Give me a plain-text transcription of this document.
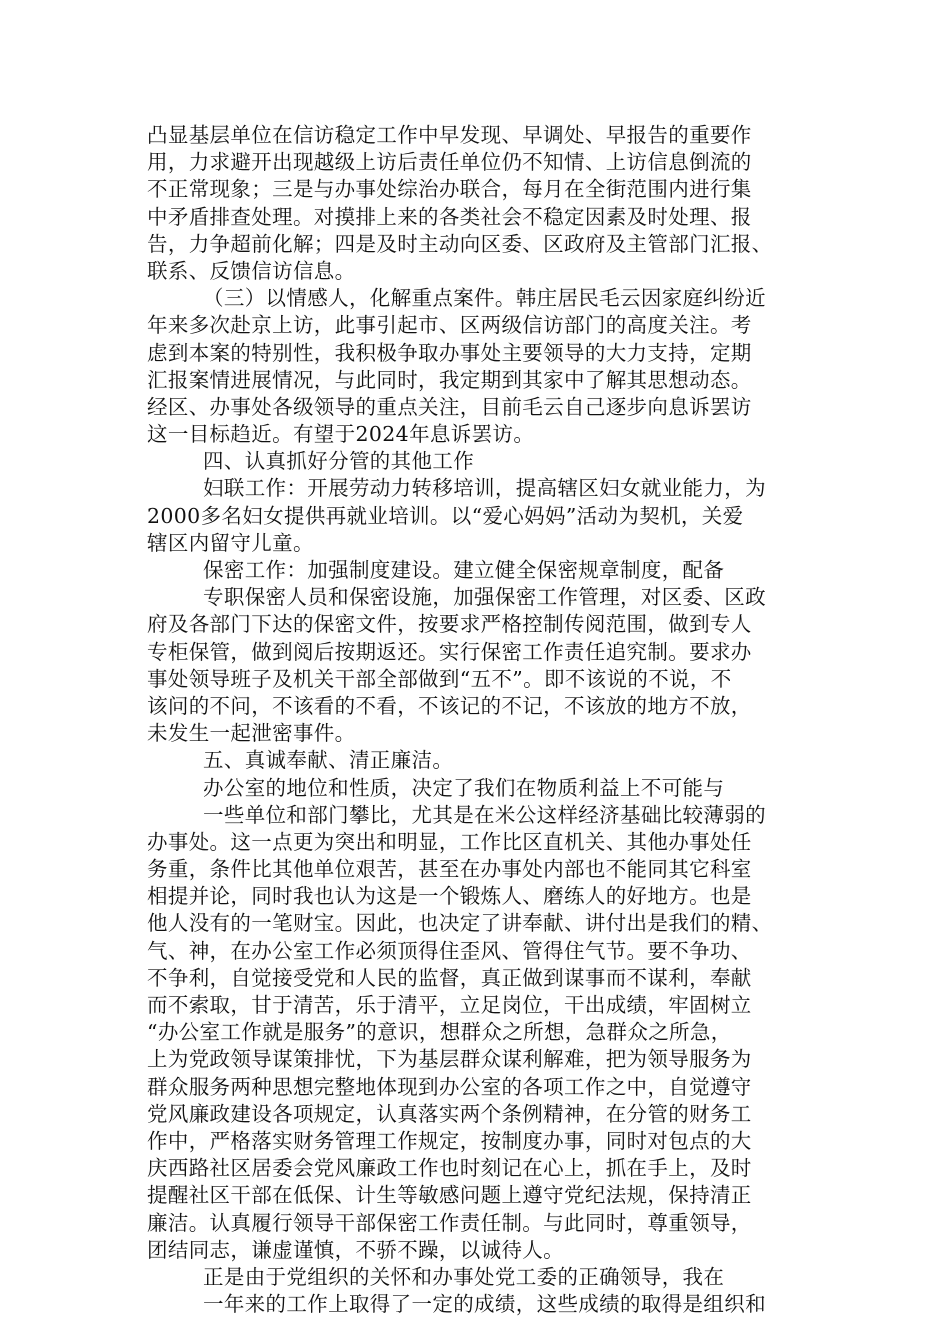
凸显基层单位在信访稳定工作中早发现、早调处、早报告的重要作
用，力求避开出现越级上访后责任单位仍不知情、上访信息倒流的
不正常现象；三是与办事处综治办联合，每月在全街范围内进行集
中矛盾排查处理。对摸排上来的各类社会不稳定因素及时处理、报
告，力争超前化解；四是及时主动向区委、区政府及主管部门汇报、
联系、反馈信访信息。
（三）以情感人，化解重点案件。韩庄居民毛云因家庭纠纷近
年来多次赴京上访，此事引起市、区两级信访部门的高度关注。考
虑到本案的特别性，我积极争取办事处主要领导的大力支持，定期
汇报案情进展情况，与此同时，我定期到其家中了解其思想动态。
经区、办事处各级领导的重点关注，目前毛云自己逐步向息诉罢访
这一目标趋近。有望于2024年息诉罢访。
四、认真抓好分管的其他工作
妇联工作：开展劳动力转移培训，提高辖区妇女就业能力，为
2000多名妇女提供再就业培训。以“爱心妈妈”活动为契机，关爱
辖区内留守儿童。
保密工作：加强制度建设。建立健全保密规章制度，配备
专职保密人员和保密设施，加强保密工作管理，对区委、区政
府及各部门下达的保密文件，按要求严格控制传阅范围，做到专人
专柜保管，做到阅后按期返还。实行保密工作责任追究制。要求办
事处领导班子及机关干部全部做到“五不”。即不该说的不说，不
该问的不问，不该看的不看，不该记的不记，不该放的地方不放，
未发生一起泄密事件。
五、真诚奉献、清正廉洁。
办公室的地位和性质，决定了我们在物质利益上不可能与
一些单位和部门攀比，尤其是在米公这样经济基础比较薄弱的
办事处。这一点更为突出和明显，工作比区直机关、其他办事处任
务重，条件比其他单位艰苦，甚至在办事处内部也不能同其它科室
相提并论，同时我也认为这是一个锻炼人、磨练人的好地方。也是
他人没有的一笔财宝。因此，也决定了讲奉献、讲付出是我们的精、
气、神，在办公室工作必须顶得住歪风、管得住气节。要不争功、
不争利，自觉接受党和人民的监督，真正做到谋事而不谋利，奉献
而不索取，甘于清苦，乐于清平，立足岗位，干出成绩，牢固树立
“办公室工作就是服务”的意识，想群众之所想，急群众之所急，
上为党政领导谋策排忧，下为基层群众谋利解难，把为领导服务为
群众服务两种思想完整地体现到办公室的各项工作之中，自觉遵守
党风廉政建设各项规定，认真落实两个条例精神，在分管的财务工
作中，严格落实财务管理工作规定，按制度办事，同时对包点的大
庆西路社区居委会党风廉政工作也时刻记在心上，抓在手上，及时
提醒社区干部在低保、计生等敏感问题上遵守党纪法规，保持清正
廉洁。认真履行领导干部保密工作责任制。与此同时，尊重领导，
团结同志，谦虚谨慎，不骄不躁，以诚待人。
正是由于党组织的关怀和办事处党工委的正确领导，我在
一年来的工作上取得了一定的成绩，这些成绩的取得是组织和
